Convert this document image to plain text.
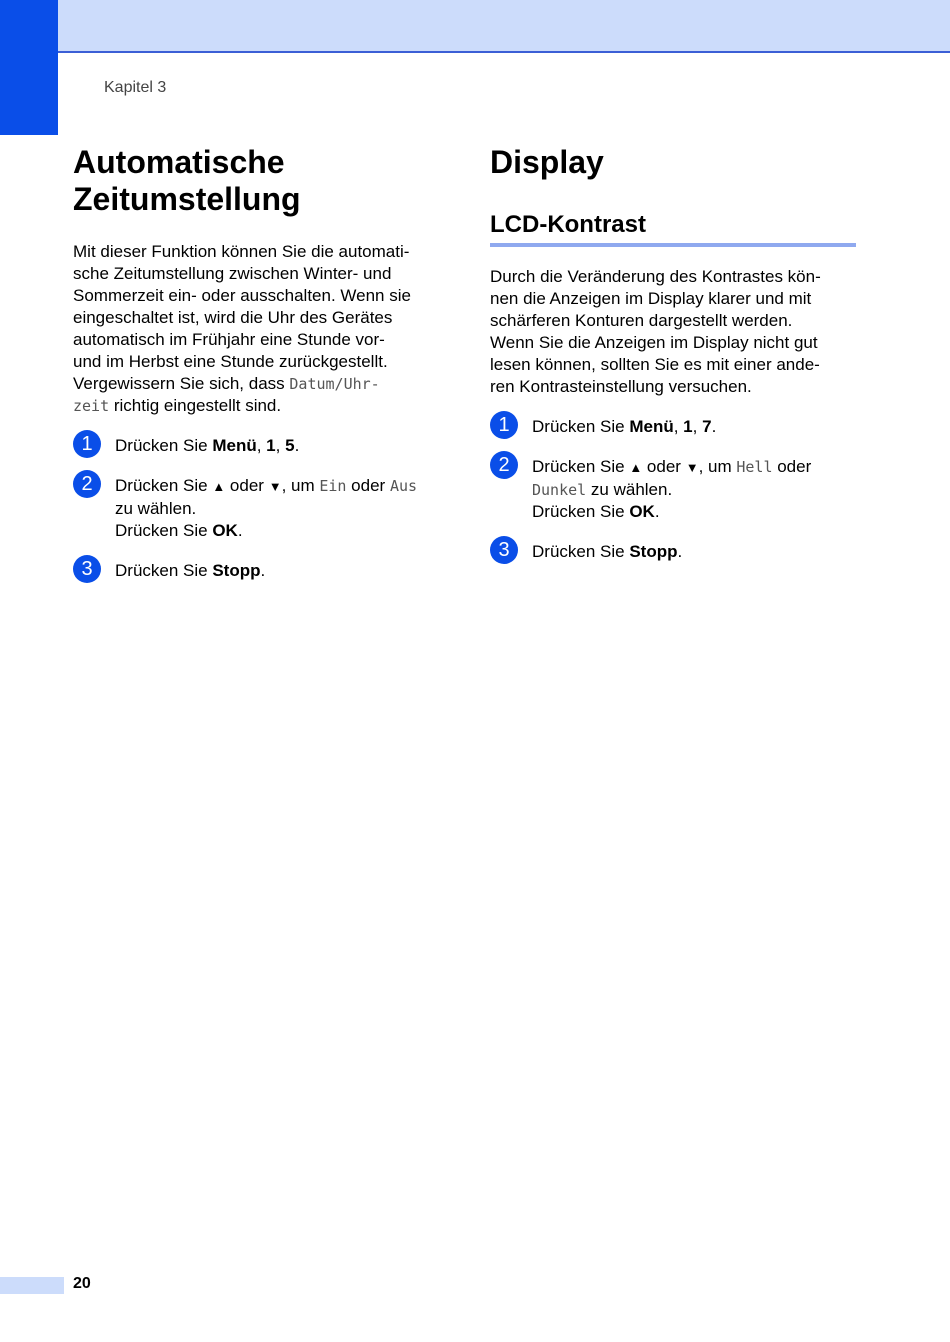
Kapitel 3
Automatische
Zeitumstellung

Mit dieser Funktion können Sie die automati-
sche Zeitumstellung zwischen Winter- und
Sommerzeit ein- oder ausschalten. Wenn sie
eingeschaltet ist, wird die Uhr des Gerätes
automatisch im Frühjahr eine Stunde vor-
und im Herbst eine Stunde zurückgestellt.
Vergewissern Sie sich, dass Datum/Uhr-
zeit richtig eingestellt sind.

1	Drücken Sie Menü, 1, 5.
2	Drücken Sie ▲ oder ▼, um Ein oder Aus
zu wählen.
Drücken Sie OK.
3	Drücken Sie Stopp.
Display
LCD-Kontrast

Durch die Veränderung des Kontrastes kön-
nen die Anzeigen im Display klarer und mit
schärferen Konturen dargestellt werden.
Wenn Sie die Anzeigen im Display nicht gut
lesen können, sollten Sie es mit einer ande-
ren Kontrasteinstellung versuchen.

1	Drücken Sie Menü, 1, 7.
2	Drücken Sie ▲ oder ▼, um Hell oder
Dunkel zu wählen.
Drücken Sie OK.
3	Drücken Sie Stopp.
20
